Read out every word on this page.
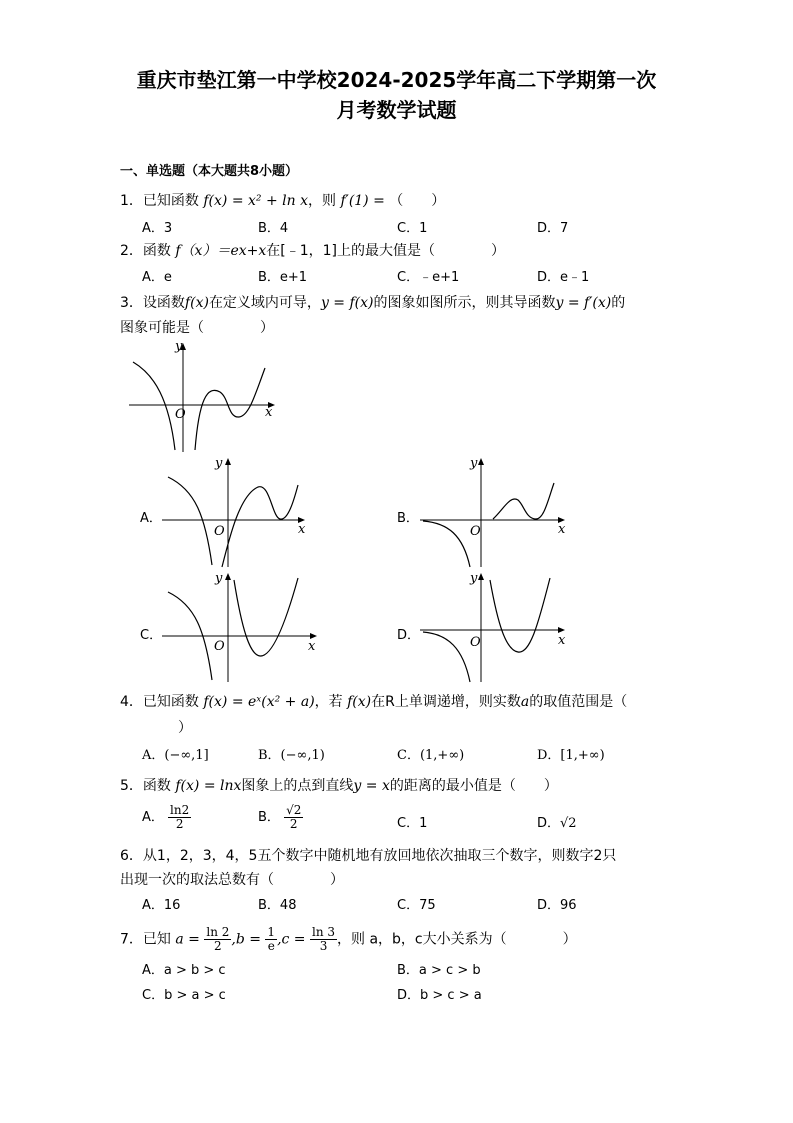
重庆市垫江第一中学校2024-2025学年高二下学期第一次
月考数学试题
一、单选题（本大题共8小题）
1．已知函数 f(x) = x² + ln x，则 f′(1) = （　　）
A．3	B．4	C．1	D．7
2．函数 f（x）＝ex+x在[﹣1，1]上的最大值是（　　　　）
A．e	B．e+1	C．﹣e+1	D．e﹣1
3．设函数f(x)在定义域内可导，y = f(x)的图象如图所示，则其导函数y = f′(x)的
图象可能是（　　　　）
y
x
O
A．
y
x
O
B．
y
x
O
C．
y
x
O
D．
y
x
O
4．已知函数 f(x) = eˣ(x² + a)，若 f(x)在R上单调递增，则实数a的取值范围是（
）
A．(−∞,1]	B．(−∞,1)	C．(1,+∞)	D．[1,+∞)
5．函数 f(x) = lnx图象上的点到直线y = x的距离的最小值是（　　）
A． $\frac{\ln 2}{2}$	B． $\frac{√2}{2}$	C．1	D．√2
6．从1，2，3，4，5五个数字中随机地有放回地依次抽取三个数字，则数字2只
出现一次的取法总数有（　　　　）
A．16	B．48	C．75	D．96
7．已知 $a = \frac{\ln 2}{2} ,b = \frac{1}{e} ,c = \frac{\ln 3}{3}$ ，则 a，b，c大小关系为（　　　　）
A．a > b > c	B．a > c > b
C．b > a > c	D．b > c > a
